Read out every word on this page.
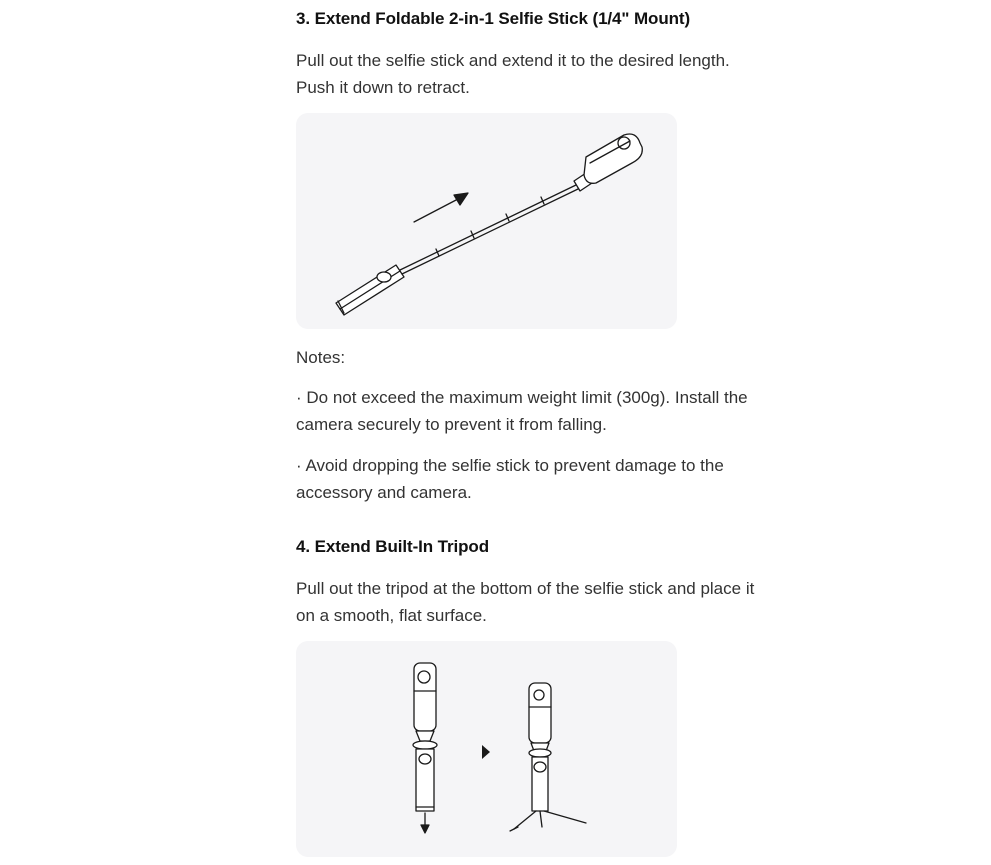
3. Extend Foldable 2-in-1 Selfie Stick (1/4" Mount)

Pull out the selfie stick and extend it to the desired length.
Push it down to retract.

Notes:

· Do not exceed the maximum weight limit (300g). Install the
camera securely to prevent it from falling.

· Avoid dropping the selfie stick to prevent damage to the
accessory and camera.

4. Extend Built-In Tripod

Pull out the tripod at the bottom of the selfie stick and place it
on a smooth, flat surface.
